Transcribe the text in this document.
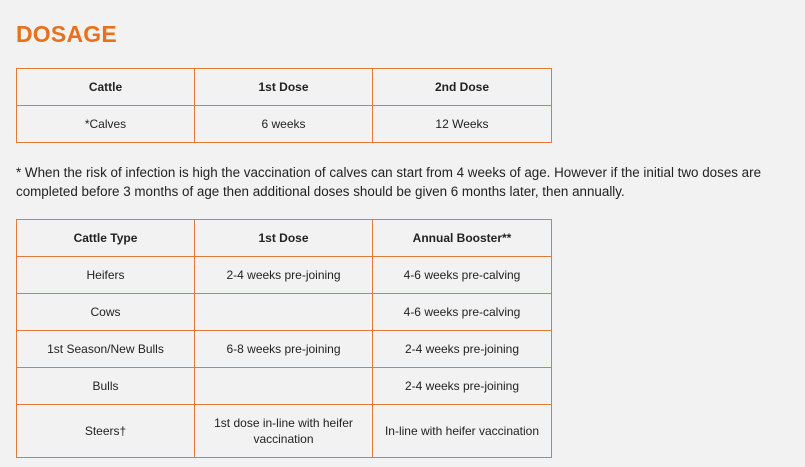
DOSAGE
Cattle	1st Dose	2nd Dose
*Calves	6 weeks	12 Weeks

* When the risk of infection is high the vaccination of calves can start from 4 weeks of age. However if the initial two doses are completed before 3 months of age then additional doses should be given 6 months later, then annually.

Cattle Type	1st Dose	Annual Booster**
Heifers	2-4 weeks pre-joining	4-6 weeks pre-calving
Cows		4-6 weeks pre-calving
1st Season/New Bulls	6-8 weeks pre-joining	2-4 weeks pre-joining
Bulls		2-4 weeks pre-joining
Steers†	1st dose in-line with heifer vaccination	In-line with heifer vaccination
